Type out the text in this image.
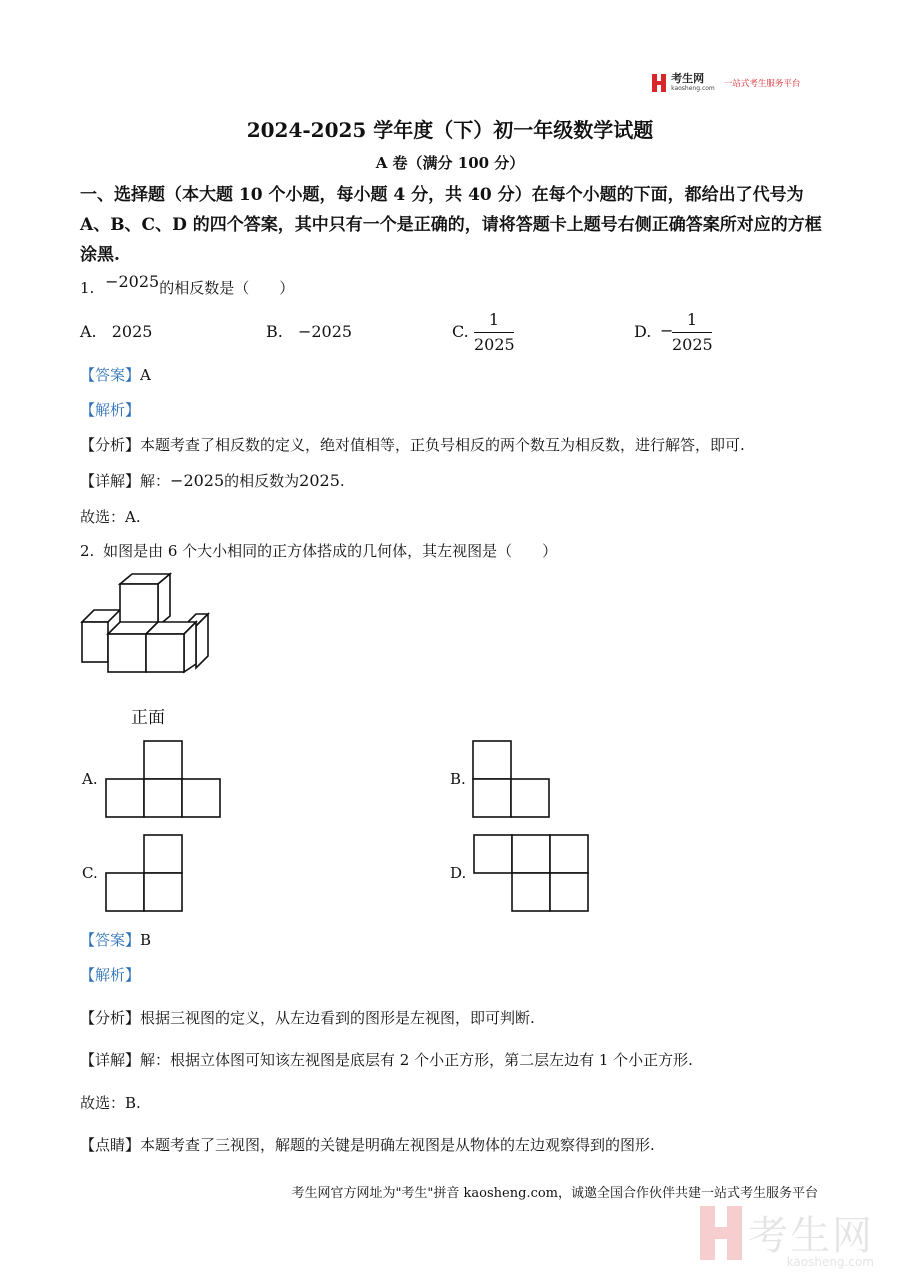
考生网
kaosheng.com 一站式考生服务平台
2024-2025 学年度（下）初一年级数学试题
A 卷（满分 100 分）
一、选择题（本大题 10 个小题，每小题 4 分，共 40 分）在每个小题的下面，都给出了代号为 A、B、C、D 的四个答案，其中只有一个是正确的，请将答题卡上题号右侧正确答案所对应的方框涂黑.
1. −2025的相反数是（　　）
A. 2025	B. −2025	C.
1
2025
D. −
1
2025
【答案】A
【解析】
【分析】本题考查了相反数的定义，绝对值相等，正负号相反的两个数互为相反数，进行解答，即可.
【详解】解：−2025的相反数为2025.
故选：A.
2. 如图是由 6 个大小相同的正方体搭成的几何体，其左视图是（　　）
正面
A.	B.
C.	D.
【答案】B
【解析】
【分析】根据三视图的定义，从左边看到的图形是左视图，即可判断.
【详解】解：根据立体图可知该左视图是底层有 2 个小正方形，第二层左边有 1 个小正方形.
故选：B.
【点睛】本题考查了三视图，解题的关键是明确左视图是从物体的左边观察得到的图形.
考生网官方网址为"考生"拼音 kaosheng.com，诚邀全国合作伙伴共建一站式考生服务平台
考生网
kaosheng.com
